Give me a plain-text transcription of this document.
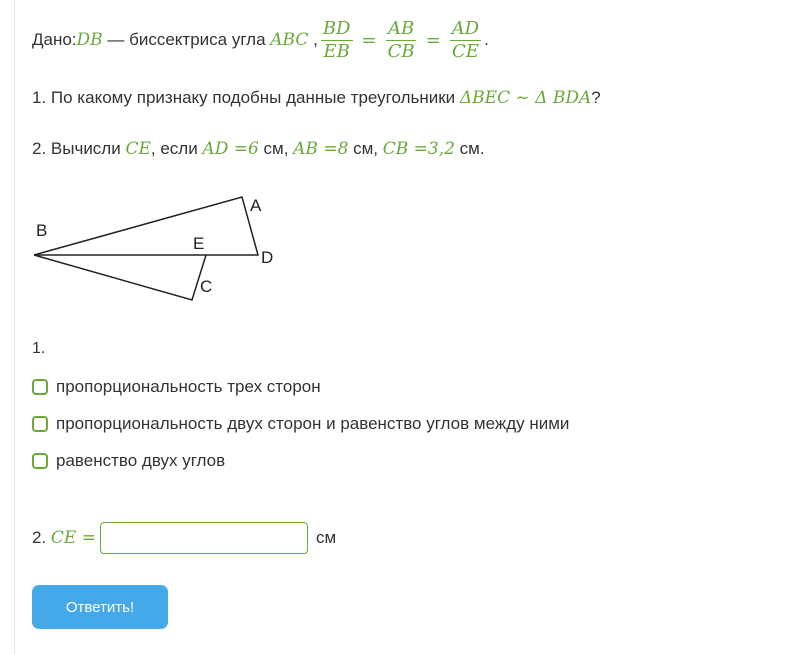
Дано: DB — биссектриса угла ABC , $\frac{BD}{EB} = \frac{AB}{CB} = \frac{AD}{CE}$ .
1. По какому признаку подобны данные треугольники ΔBEC ~ Δ BDA?
2. Вычисли CE, если AD =6 см, AB =8 см, CB =3,2 см.
A
B
C
D
E
1.
пропорциональность трех сторон
пропорциональность двух сторон и равенство углов между ними
равенство двух углов
2. CE =	см
Ответить!
